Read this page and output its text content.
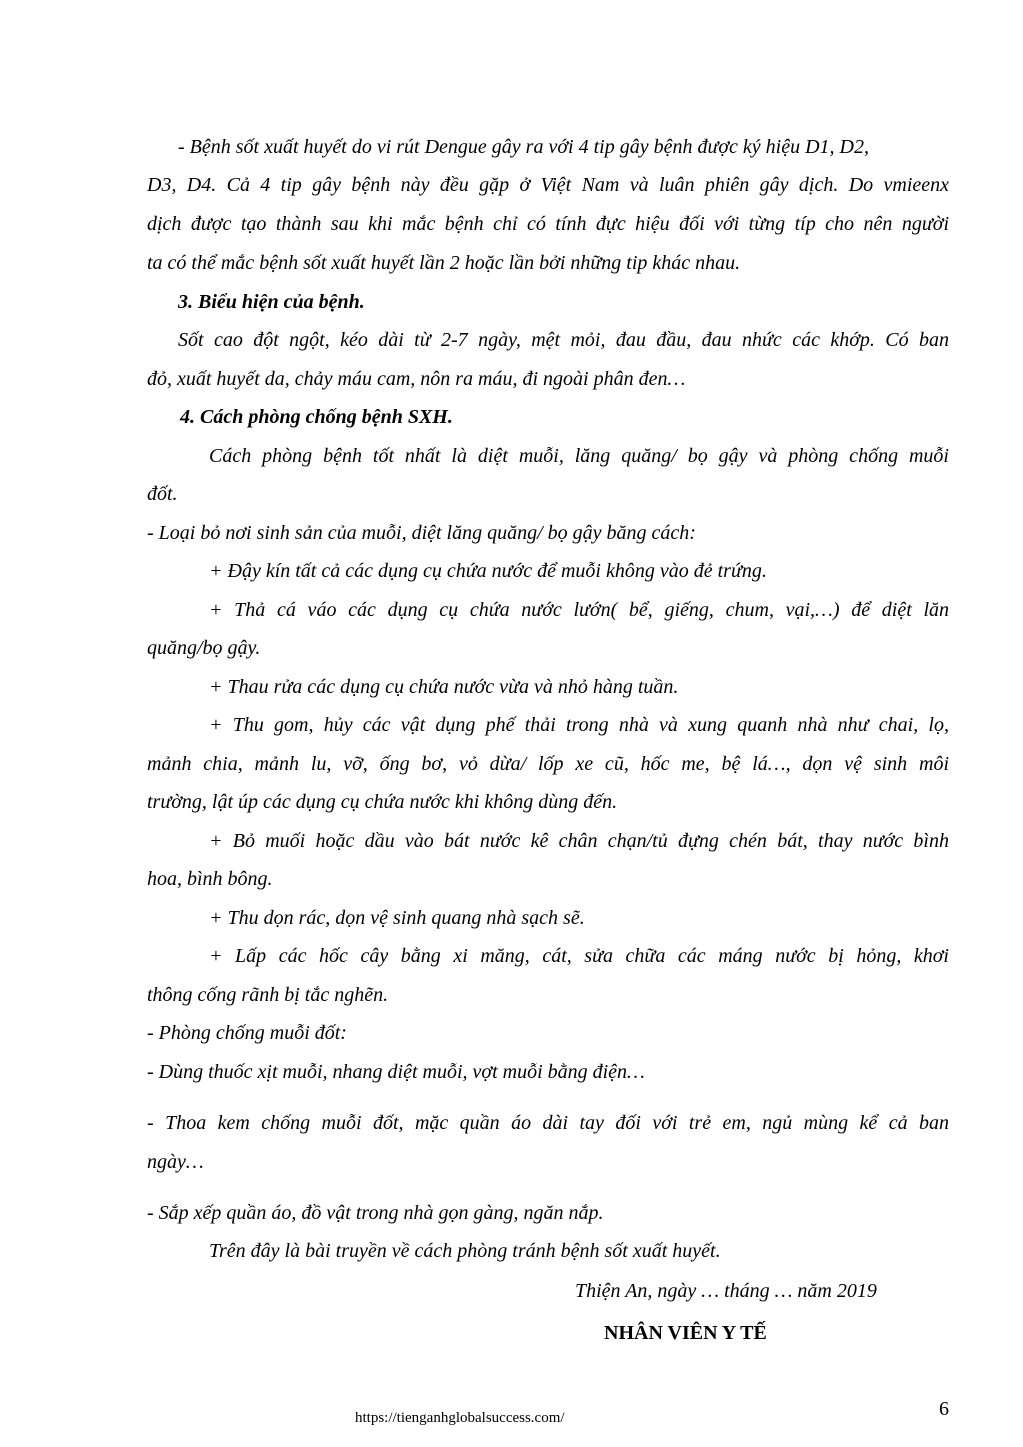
- Bệnh sốt xuất huyết do vi rút Dengue gây ra với 4 tip gây bệnh được ký hiệu D1, D2,
D3, D4. Cả 4 tip gây bệnh này đều gặp ở Việt Nam và luân phiên gây dịch. Do vmieenx
dịch được tạo thành sau khi mắc bệnh chỉ có tính đực hiệu đối với từng típ cho nên người
ta có thể mắc bệnh sốt xuất huyết lần 2 hoặc lần bởi những tip khác nhau.
3. Biểu hiện của bệnh.
Sốt cao đột ngột, kéo dài từ 2-7 ngày, mệt mỏi, đau đầu, đau nhức các khớp. Có ban
đỏ, xuất huyết da, chảy máu cam, nôn ra máu, đi ngoài phân đen…
4. Cách phòng chống bệnh SXH.
Cách phòng bệnh tốt nhất là diệt muỗi, lăng quăng/ bọ gậy và phòng chống muỗi
đốt.
- Loại bỏ nơi sinh sản của muỗi, diệt lăng quăng/ bọ gậy băng cách:
+ Đậy kín tất cả các dụng cụ chứa nước để muỗi không vào đẻ trứng.
+ Thả cá váo các dụng cụ chứa nước lướn( bể, giếng, chum, vại,…) để diệt lăn
quăng/bọ gậy.
+ Thau rửa các dụng cụ chứa nước vừa và nhỏ hàng tuần.
+ Thu gom, hủy các vật dụng phế thải trong nhà và xung quanh nhà như chai, lọ,
mảnh chia, mảnh lu, vỡ, ống bơ, vỏ dừa/ lốp xe cũ, hốc me, bệ lá…, dọn vệ sinh môi
trường, lật úp các dụng cụ chứa nước khi không dùng đến.
+ Bỏ muối hoặc dầu vào bát nước kê chân chạn/tủ đựng chén bát, thay nước bình
hoa, bình bông.
+ Thu dọn rác, dọn vệ sinh quang nhà sạch sẽ.
+ Lấp các hốc cây bằng xi măng, cát, sửa chữa các máng nước bị hỏng, khơi
thông cống rãnh bị tắc nghẽn.
- Phòng chống muỗi đốt:
- Dùng thuốc xịt muỗi, nhang diệt muỗi, vợt muỗi bằng điện…
- Thoa kem chống muỗi đốt, mặc quần áo dài tay đối với trẻ em, ngủ mùng kể cả ban
ngày…
- Sắp xếp quần áo, đồ vật trong nhà gọn gàng, ngăn nắp.
Trên đây là bài truyền về cách phòng tránh bệnh sốt xuất huyết.
Thiện An, ngày … tháng … năm 2019
NHÂN VIÊN Y TẾ
https://tienganhglobalsuccess.com/	6
